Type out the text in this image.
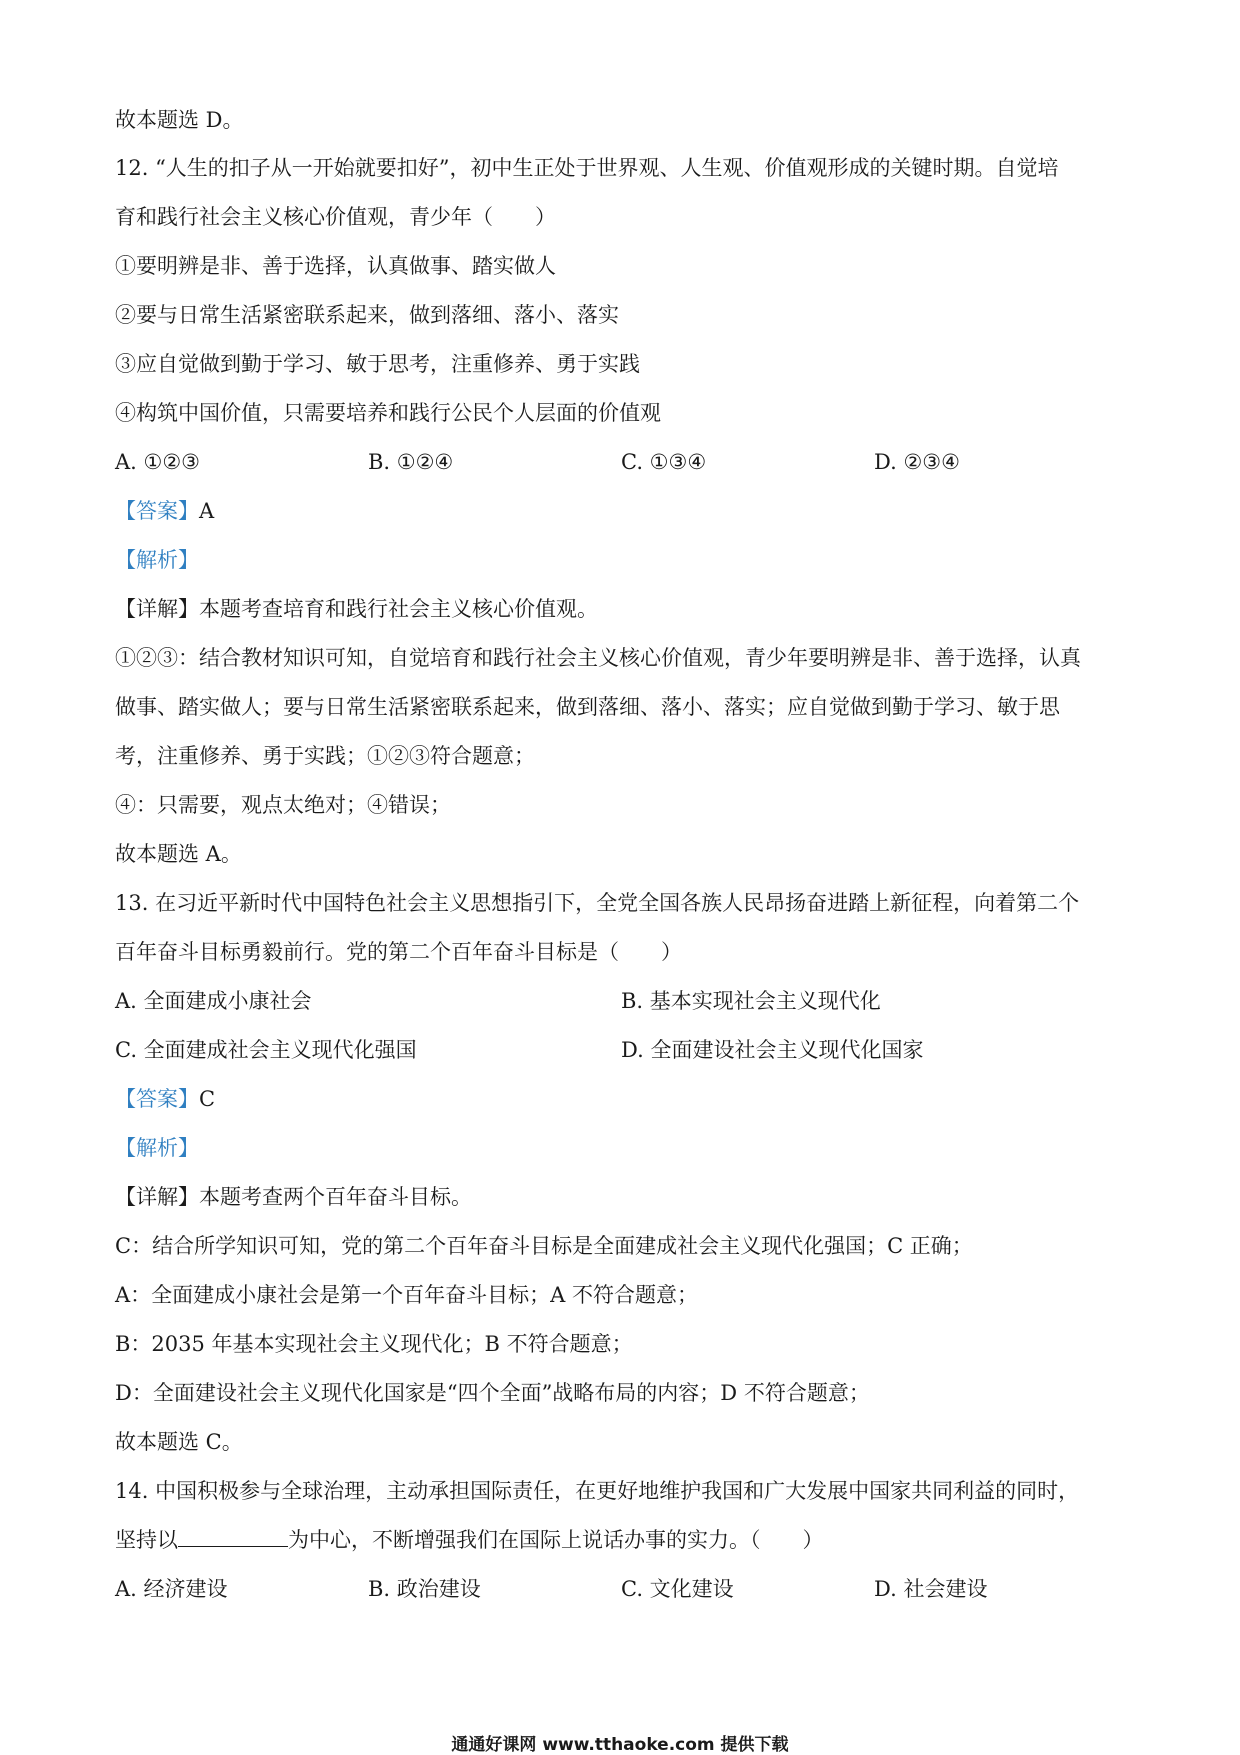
故本题选 D。
12. “人生的扣子从一开始就要扣好”，初中生正处于世界观、人生观、价值观形成的关键时期。自觉培
育和践行社会主义核心价值观，青少年（　　）
①要明辨是非、善于选择，认真做事、踏实做人
②要与日常生活紧密联系起来，做到落细、落小、落实
③应自觉做到勤于学习、敏于思考，注重修养、勇于实践
④构筑中国价值，只需要培养和践行公民个人层面的价值观
A. ①②③	B. ①②④	C. ①③④	D. ②③④
【答案】A
【解析】
【详解】本题考查培育和践行社会主义核心价值观。
①②③：结合教材知识可知，自觉培育和践行社会主义核心价值观，青少年要明辨是非、善于选择，认真
做事、踏实做人；要与日常生活紧密联系起来，做到落细、落小、落实；应自觉做到勤于学习、敏于思
考，注重修养、勇于实践；①②③符合题意；
④：只需要，观点太绝对；④错误；
故本题选 A。
13. 在习近平新时代中国特色社会主义思想指引下，全党全国各族人民昂扬奋进踏上新征程，向着第二个
百年奋斗目标勇毅前行。党的第二个百年奋斗目标是（　　）
A. 全面建成小康社会	B. 基本实现社会主义现代化
C. 全面建成社会主义现代化强国	D. 全面建设社会主义现代化国家
【答案】C
【解析】
【详解】本题考查两个百年奋斗目标。
C：结合所学知识可知，党的第二个百年奋斗目标是全面建成社会主义现代化强国；C 正确；
A：全面建成小康社会是第一个百年奋斗目标；A 不符合题意；
B：2035 年基本实现社会主义现代化；B 不符合题意；
D：全面建设社会主义现代化国家是“四个全面”战略布局的内容；D 不符合题意；
故本题选 C。
14. 中国积极参与全球治理，主动承担国际责任，在更好地维护我国和广大发展中国家共同利益的同时，
坚持以	为中心，不断增强我们在国际上说话办事的实力。（　　）
A. 经济建设	B. 政治建设	C. 文化建设	D. 社会建设
通通好课网 www.tthaoke.com 提供下载
